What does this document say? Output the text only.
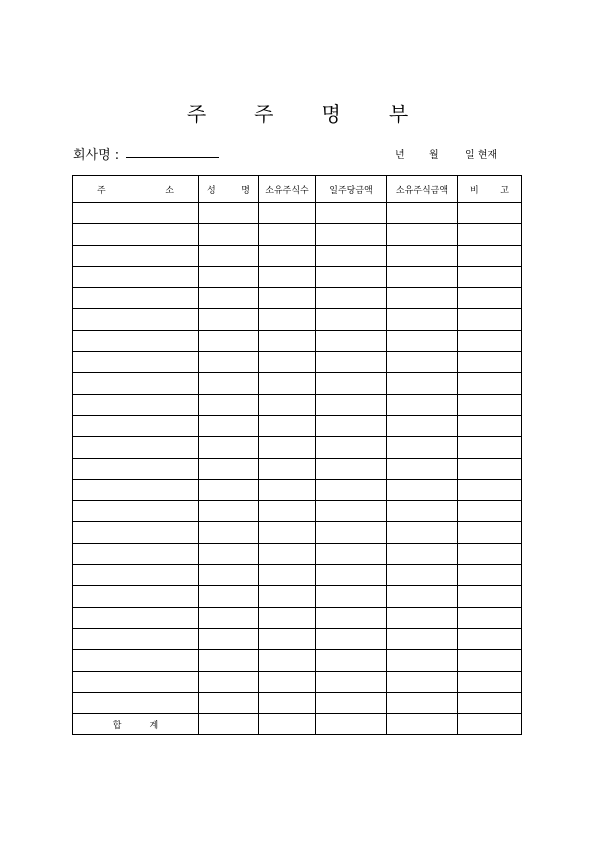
주 주 명 부
회사명 :	년 월	일 현재
주 소	성 명	소유주식수	일주당금액	소유주식금액	비 고

합 계					
